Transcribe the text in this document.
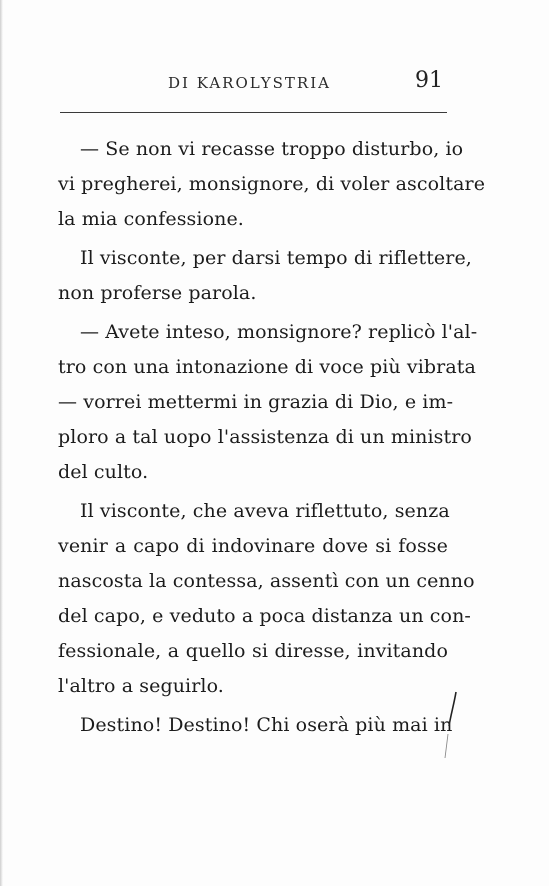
DI KAROLYSTRIA	91
— Se non vi recasse troppo disturbo, io
vi pregherei, monsignore, di voler ascoltare
la mia confessione.
Il visconte, per darsi tempo di riflettere,
non proferse parola.
— Avete inteso, monsignore? replicò l'al-
tro con una intonazione di voce più vibrata
— vorrei mettermi in grazia di Dio, e im-
ploro a tal uopo l'assistenza di un ministro
del culto.
Il visconte, che aveva riflettuto, senza
venir a capo di indovinare dove si fosse
nascosta la contessa, assentì con un cenno
del capo, e veduto a poca distanza un con-
fessionale, a quello si diresse, invitando
l'altro a seguirlo.
Destino! Destino! Chi oserà più mai in
